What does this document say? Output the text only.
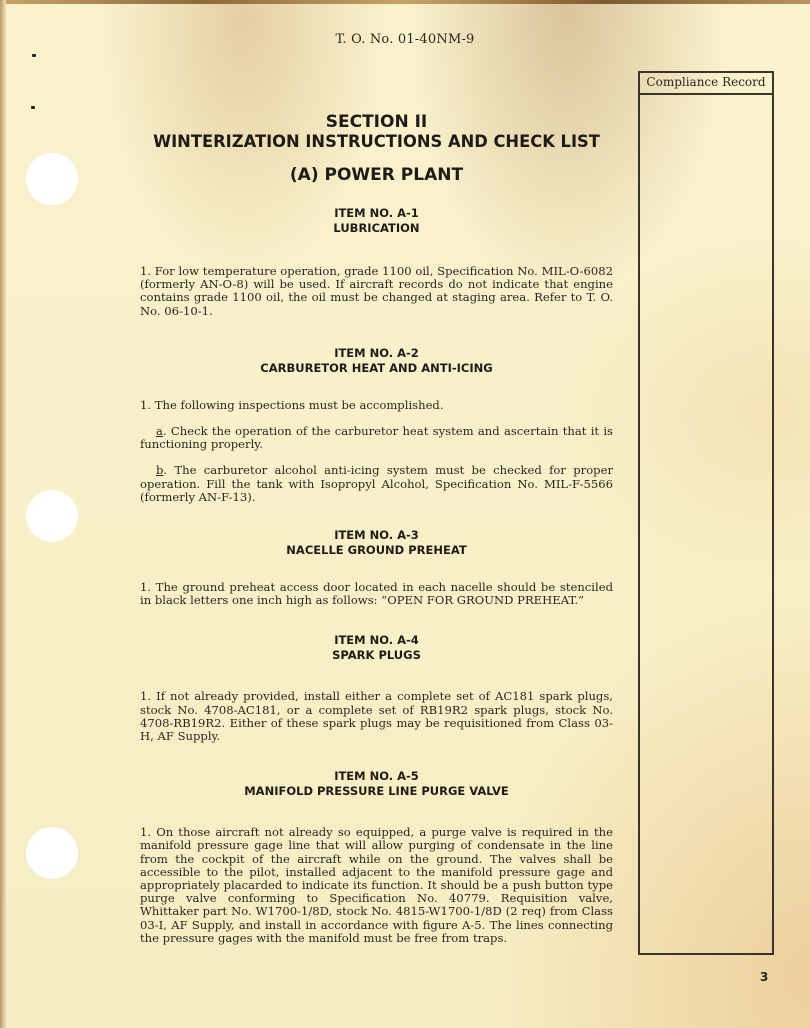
T. O. No. 01-40NM-9
Compliance Record
SECTION II
WINTERIZATION INSTRUCTIONS AND CHECK LIST
(A) POWER PLANT
ITEM NO. A-1
LUBRICATION

1. For low temperature operation, grade 1100 oil, Specification No. MIL-O-6082 (formerly AN-O-8) will be used. If aircraft records do not indicate that engine contains grade 1100 oil, the oil must be changed at staging area. Refer to T. O. No. 06-10-1.

ITEM NO. A-2
CARBURETOR HEAT AND ANTI-ICING

1. The following inspections must be accomplished.

a. Check the operation of the carburetor heat system and ascertain that it is functioning properly.

b. The carburetor alcohol anti-icing system must be checked for proper operation. Fill the tank with Isopropyl Alcohol, Specification No. MIL-F-5566 (formerly AN-F-13).

ITEM NO. A-3
NACELLE GROUND PREHEAT

1. The ground preheat access door located in each nacelle should be stenciled in black letters one inch high as follows: “OPEN FOR GROUND PREHEAT.”

ITEM NO. A-4
SPARK PLUGS

1. If not already provided, install either a complete set of AC181 spark plugs, stock No. 4708-AC181, or a complete set of RB19R2 spark plugs, stock No. 4708-RB19R2. Either of these spark plugs may be requisitioned from Class 03-H, AF Supply.

ITEM NO. A-5
MANIFOLD PRESSURE LINE PURGE VALVE

1. On those aircraft not already so equipped, a purge valve is required in the manifold pressure gage line that will allow purging of condensate in the line from the cockpit of the aircraft while on the ground. The valves shall be accessible to the pilot, installed adjacent to the manifold pressure gage and appropriately placarded to indicate its function. It should be a push button type purge valve conforming to Specification No. 40779. Requisition valve, Whittaker part No. W1700-1/8D, stock No. 4815-W1700-1/8D (2 req) from Class 03-I, AF Supply, and install in accordance with figure A-5. The lines connecting the pressure gages with the manifold must be free from traps.

3
